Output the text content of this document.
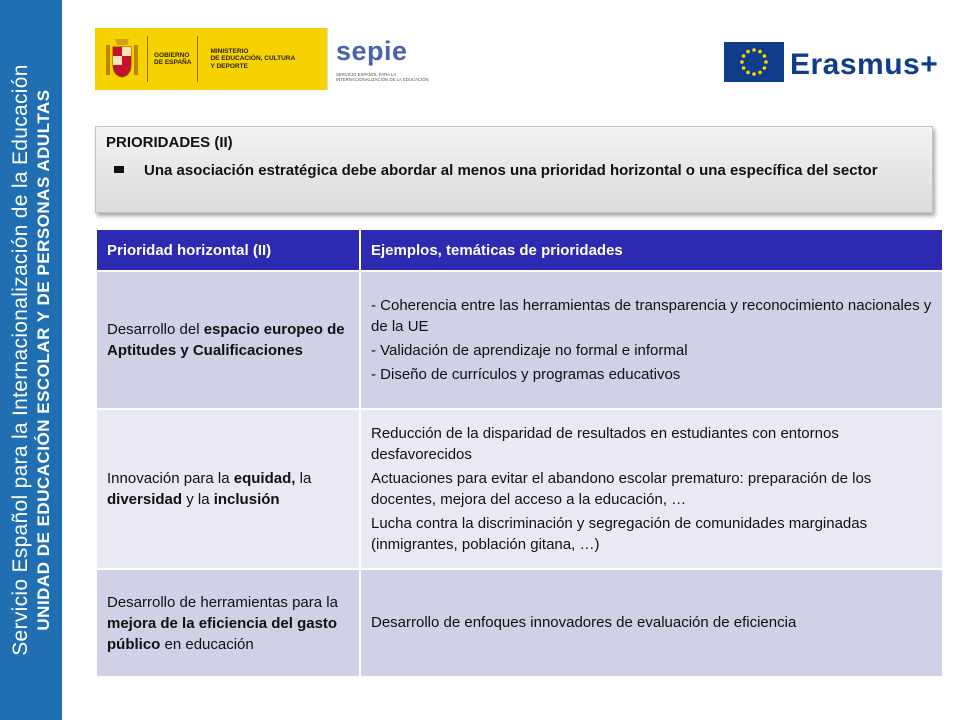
Servicio Español para la Internacionalización de la Educación UNIDAD DE EDUCACIÓN ESCOLAR Y DE PERSONAS ADULTAS
GOBIERNO
DE ESPAÑA
MINISTERIO
DE EDUCACIÓN, CULTURA
Y DEPORTE
sepie
SERVICIO ESPAÑOL PARA LA INTERNACIONALIZACIÓN DE LA EDUCACIÓN	Erasmus+
PRIORIDADES (II)
Una asociación estratégica debe abordar al menos una prioridad horizontal o una específica del sector
Prioridad horizontal (II)	Ejemplos, temáticas de prioridades
Desarrollo del espacio europeo de Aptitudes y Cualificaciones	- Coherencia entre las herramientas de transparencia y reconocimiento nacionales y de la UE

- Validación de aprendizaje no formal e informal

- Diseño de currículos y programas educativos

Innovación para la equidad, la diversidad y la inclusión	Reducción de la disparidad de resultados en estudiantes con entornos desfavorecidos

Actuaciones para evitar el abandono escolar prematuro: preparación de los docentes, mejora del acceso a la educación, …

Lucha contra la discriminación y segregación de comunidades marginadas (inmigrantes, población gitana, …)

Desarrollo de herramientas para la mejora de la eficiencia del gasto público en educación	Desarrollo de enfoques innovadores de evaluación de eficiencia
